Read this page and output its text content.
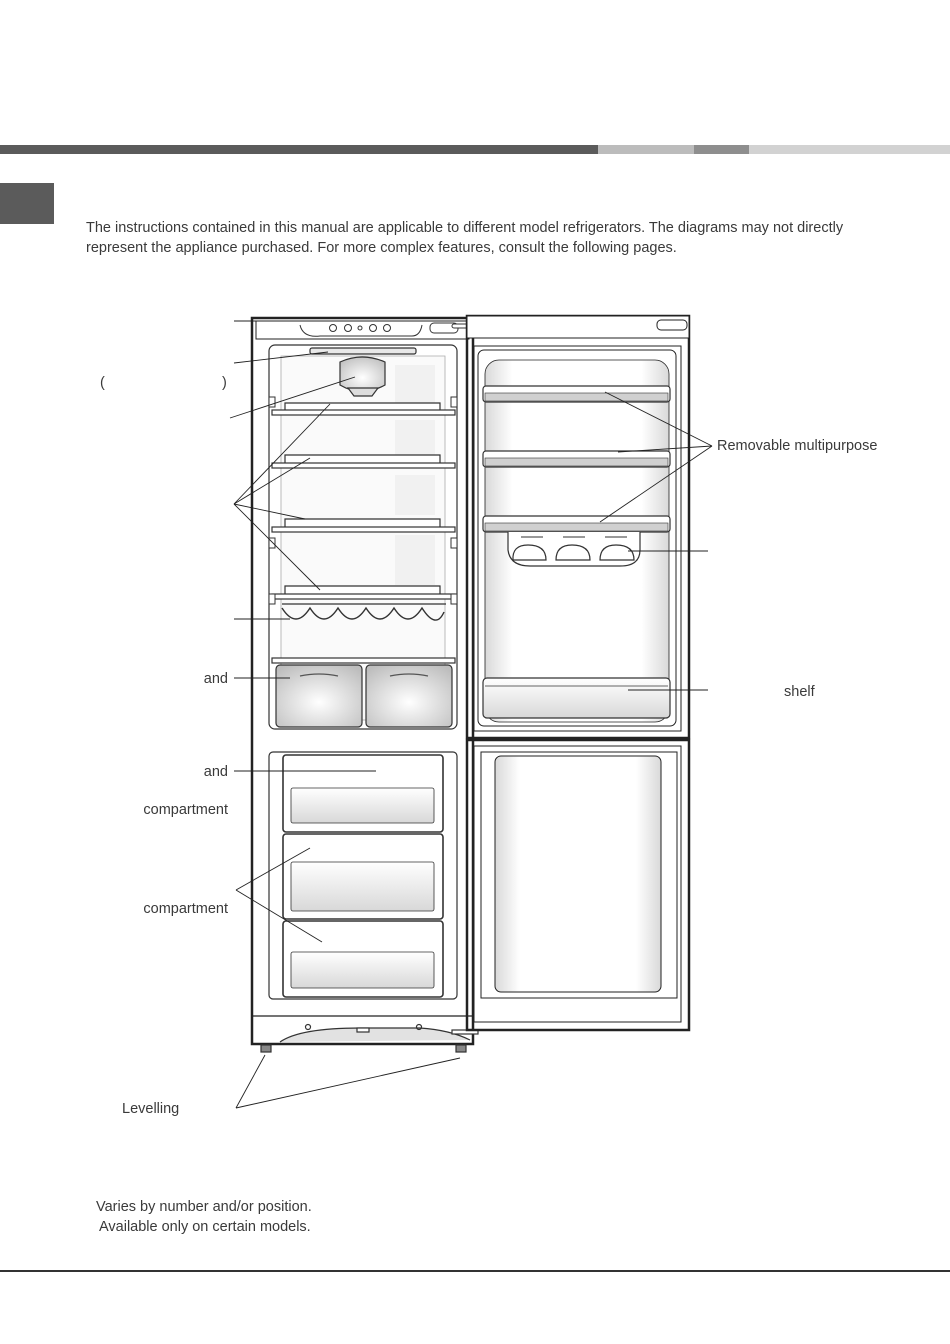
The instructions contained in this manual are applicable to different model refrigerators. The diagrams may not directly represent the appliance purchased. For more complex features, consult the following pages.

(	)
and
and
compartment
compartment
Levelling
Removable multipurpose
shelf
Varies by number and/or position.
Available only on certain models.
